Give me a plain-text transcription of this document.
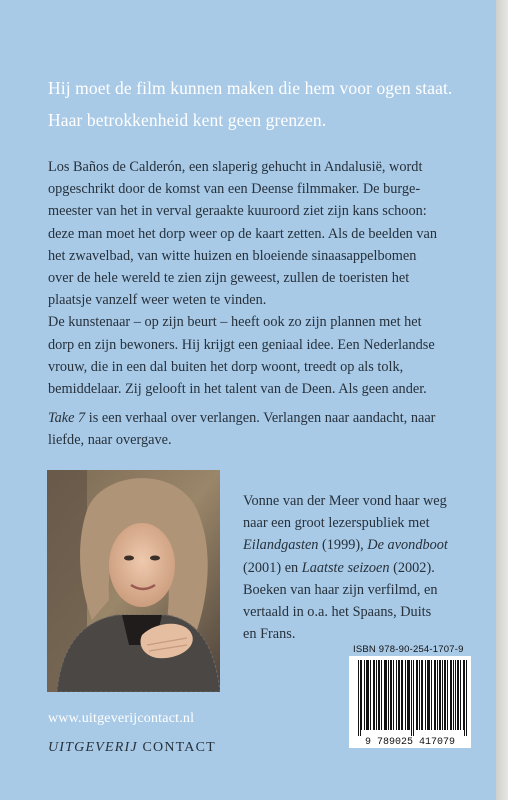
Hij moet de film kunnen maken die hem voor ogen staat.
Haar betrokkenheid kent geen grenzen.

Los Baños de Calderón, een slaperig gehucht in Andalusië, wordt

opgeschrikt door de komst van een Deense filmmaker. De burge-

meester van het in verval geraakte kuuroord ziet zijn kans schoon:

deze man moet het dorp weer op de kaart zetten. Als de beelden van

het zwavelbad, van witte huizen en bloeiende sinaasappelbomen

over de hele wereld te zien zijn geweest, zullen de toeristen het

plaatsje vanzelf weer weten te vinden.

De kunstenaar – op zijn beurt – heeft ook zo zijn plannen met het

dorp en zijn bewoners. Hij krijgt een geniaal idee. Een Nederlandse

vrouw, die in een dal buiten het dorp woont, treedt op als tolk,

bemiddelaar. Zij gelooft in het talent van de Deen. Als geen ander.

Take 7 is een verhaal over verlangen. Verlangen naar aandacht, naar

liefde, naar overgave.

Vonne van der Meer vond haar weg
naar een groot lezerspubliek met
Eilandgasten (1999), De avondboot
(2001) en Laatste seizoen (2002).
Boeken van haar zijn verfilmd, en
vertaald in o.a. het Spaans, Duits
en Frans.
ISBN 978-90-254-1707-9
9 789025 417079
www.uitgeverijcontact.nl
UITGEVERIJ CONTACT
